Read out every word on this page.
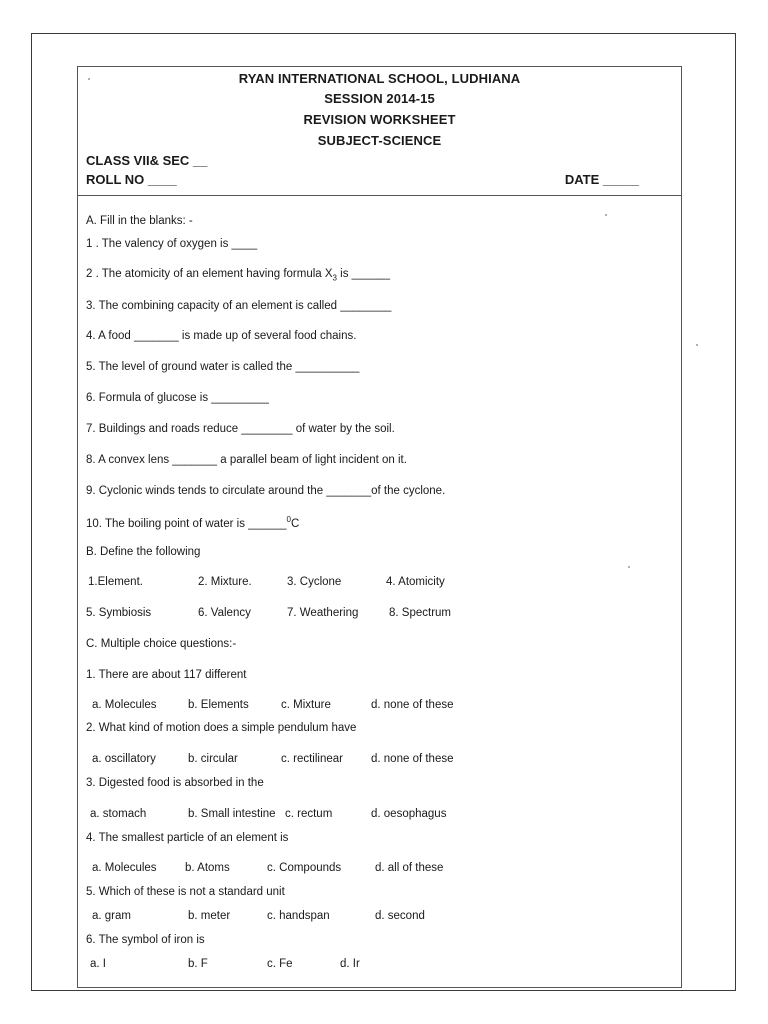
RYAN INTERNATIONAL SCHOOL, LUDHIANA
SESSION 2014-15
REVISION WORKSHEET
SUBJECT-SCIENCE
CLASS VII& SEC __
ROLL NO ____	DATE _____
A. Fill in the blanks: -
1 . The valency of oxygen is ____
2 . The atomicity of an element having formula $X_3$ is ______
3. The combining capacity of an element is called ________
4. A food _______ is made up of several food chains.
5. The level of ground water is called the __________
6. Formula of glucose is _________
7. Buildings and roads reduce ________ of water by the soil.
8. A convex lens _______ a parallel beam of light incident on it.
9. Cyclonic winds tends to circulate around the _______of the cyclone.
10. The boiling point of water is ______$^0$C
B. Define the following
1.Element.	2. Mixture.	3. Cyclone	4. Atomicity
5. Symbiosis	6. Valency	7. Weathering	8. Spectrum
C. Multiple choice questions:-
1. There are about 117 different
a. Molecules	b. Elements	c. Mixture	d. none of these
2. What kind of motion does a simple pendulum have
a. oscillatory	b. circular	c. rectilinear d. none of these
3. Digested food is absorbed in the
a. stomach	b. Small intestine c. rectum	d. oesophagus
4. The smallest particle of an element is
a. Molecules b. Atoms	c. Compounds	d. all of these
5. Which of these is not a standard unit
a. gram	b. meter	c. handspan	d. second
6. The symbol of iron is
a. I	b. F	c. Fe	d. Ir
